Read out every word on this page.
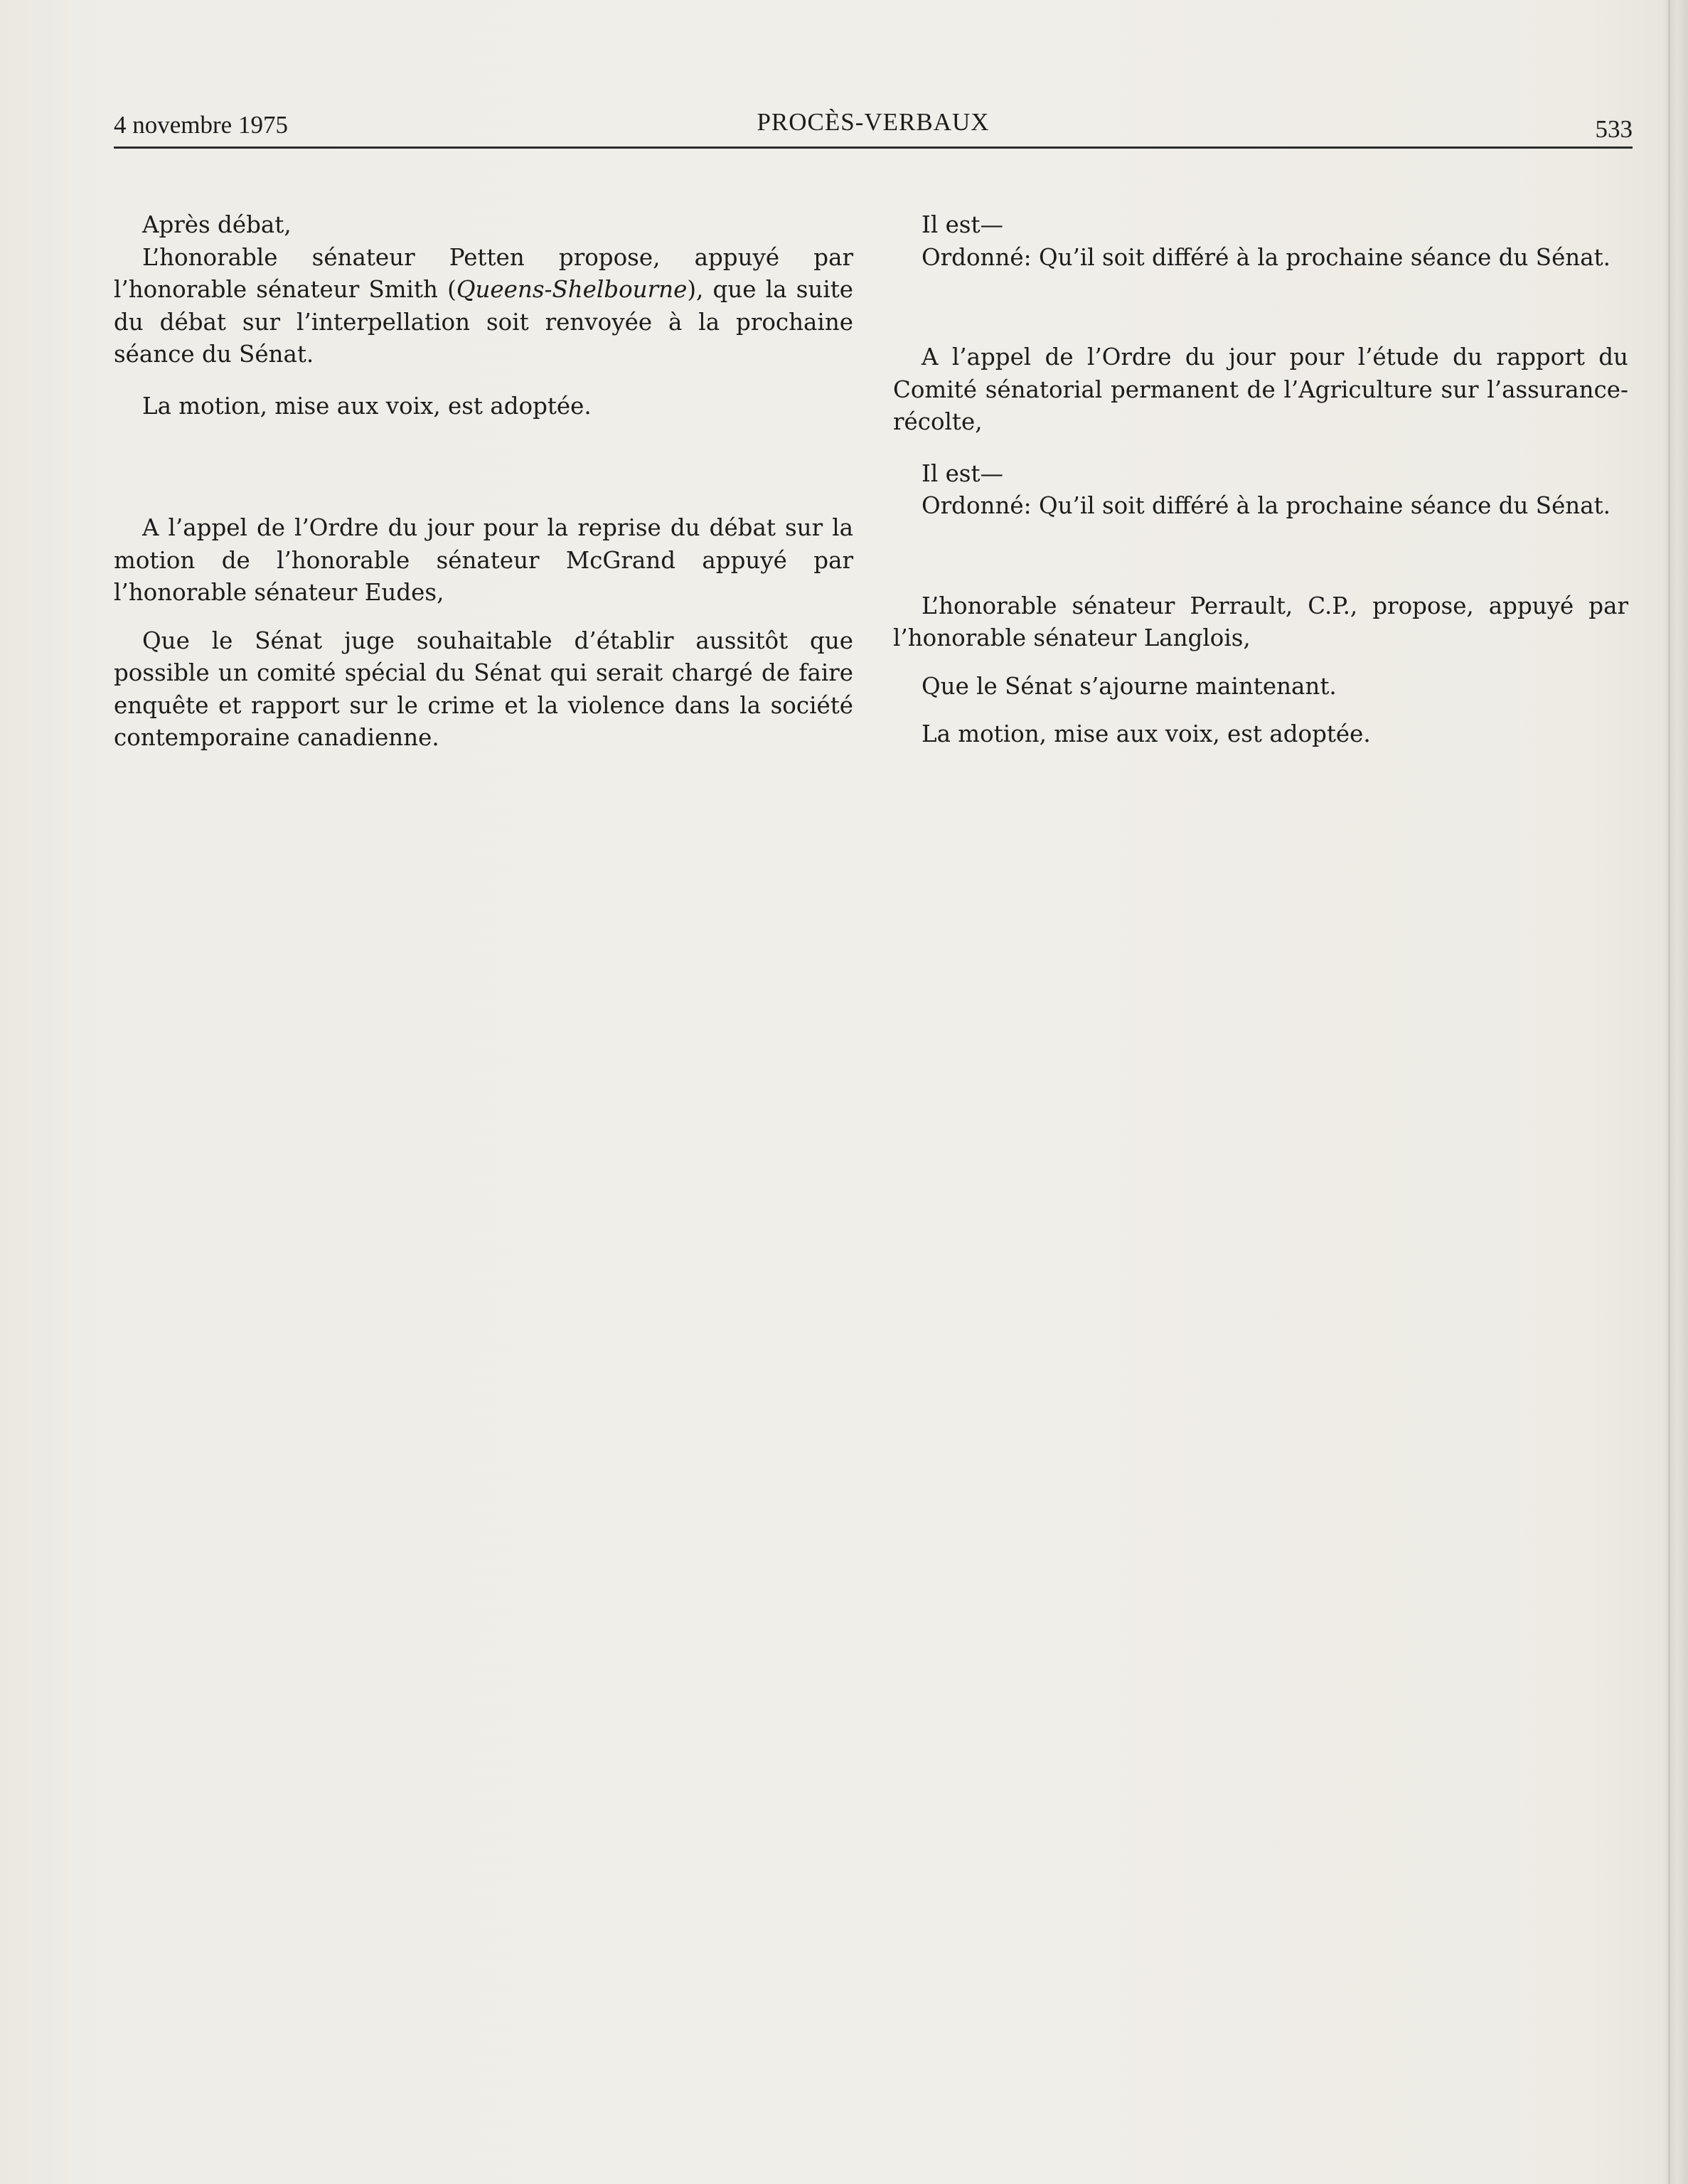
4 novembre 1975	PROCÈS-VERBAUX	533

Après débat,

L’honorable sénateur Petten propose, appuyé par l’honorable sénateur Smith (Queens-Shelbourne), que la suite du débat sur l’interpellation soit renvoyée à la prochaine séance du Sénat.

La motion, mise aux voix, est adoptée.

A l’appel de l’Ordre du jour pour la reprise du débat sur la motion de l’honorable sénateur McGrand appuyé par l’honorable sénateur Eudes,

Que le Sénat juge souhaitable d’établir aussitôt que possible un comité spécial du Sénat qui serait chargé de faire enquête et rapport sur le crime et la violence dans la société contemporaine canadienne.

Il est—

Ordonné: Qu’il soit différé à la prochaine séance du Sénat.

A l’appel de l’Ordre du jour pour l’étude du rapport du Comité sénatorial permanent de l’Agriculture sur l’assurance-récolte,

Il est—

Ordonné: Qu’il soit différé à la prochaine séance du Sénat.

L’honorable sénateur Perrault, C.P., propose, appuyé par l’honorable sénateur Langlois,

Que le Sénat s’ajourne maintenant.

La motion, mise aux voix, est adoptée.
